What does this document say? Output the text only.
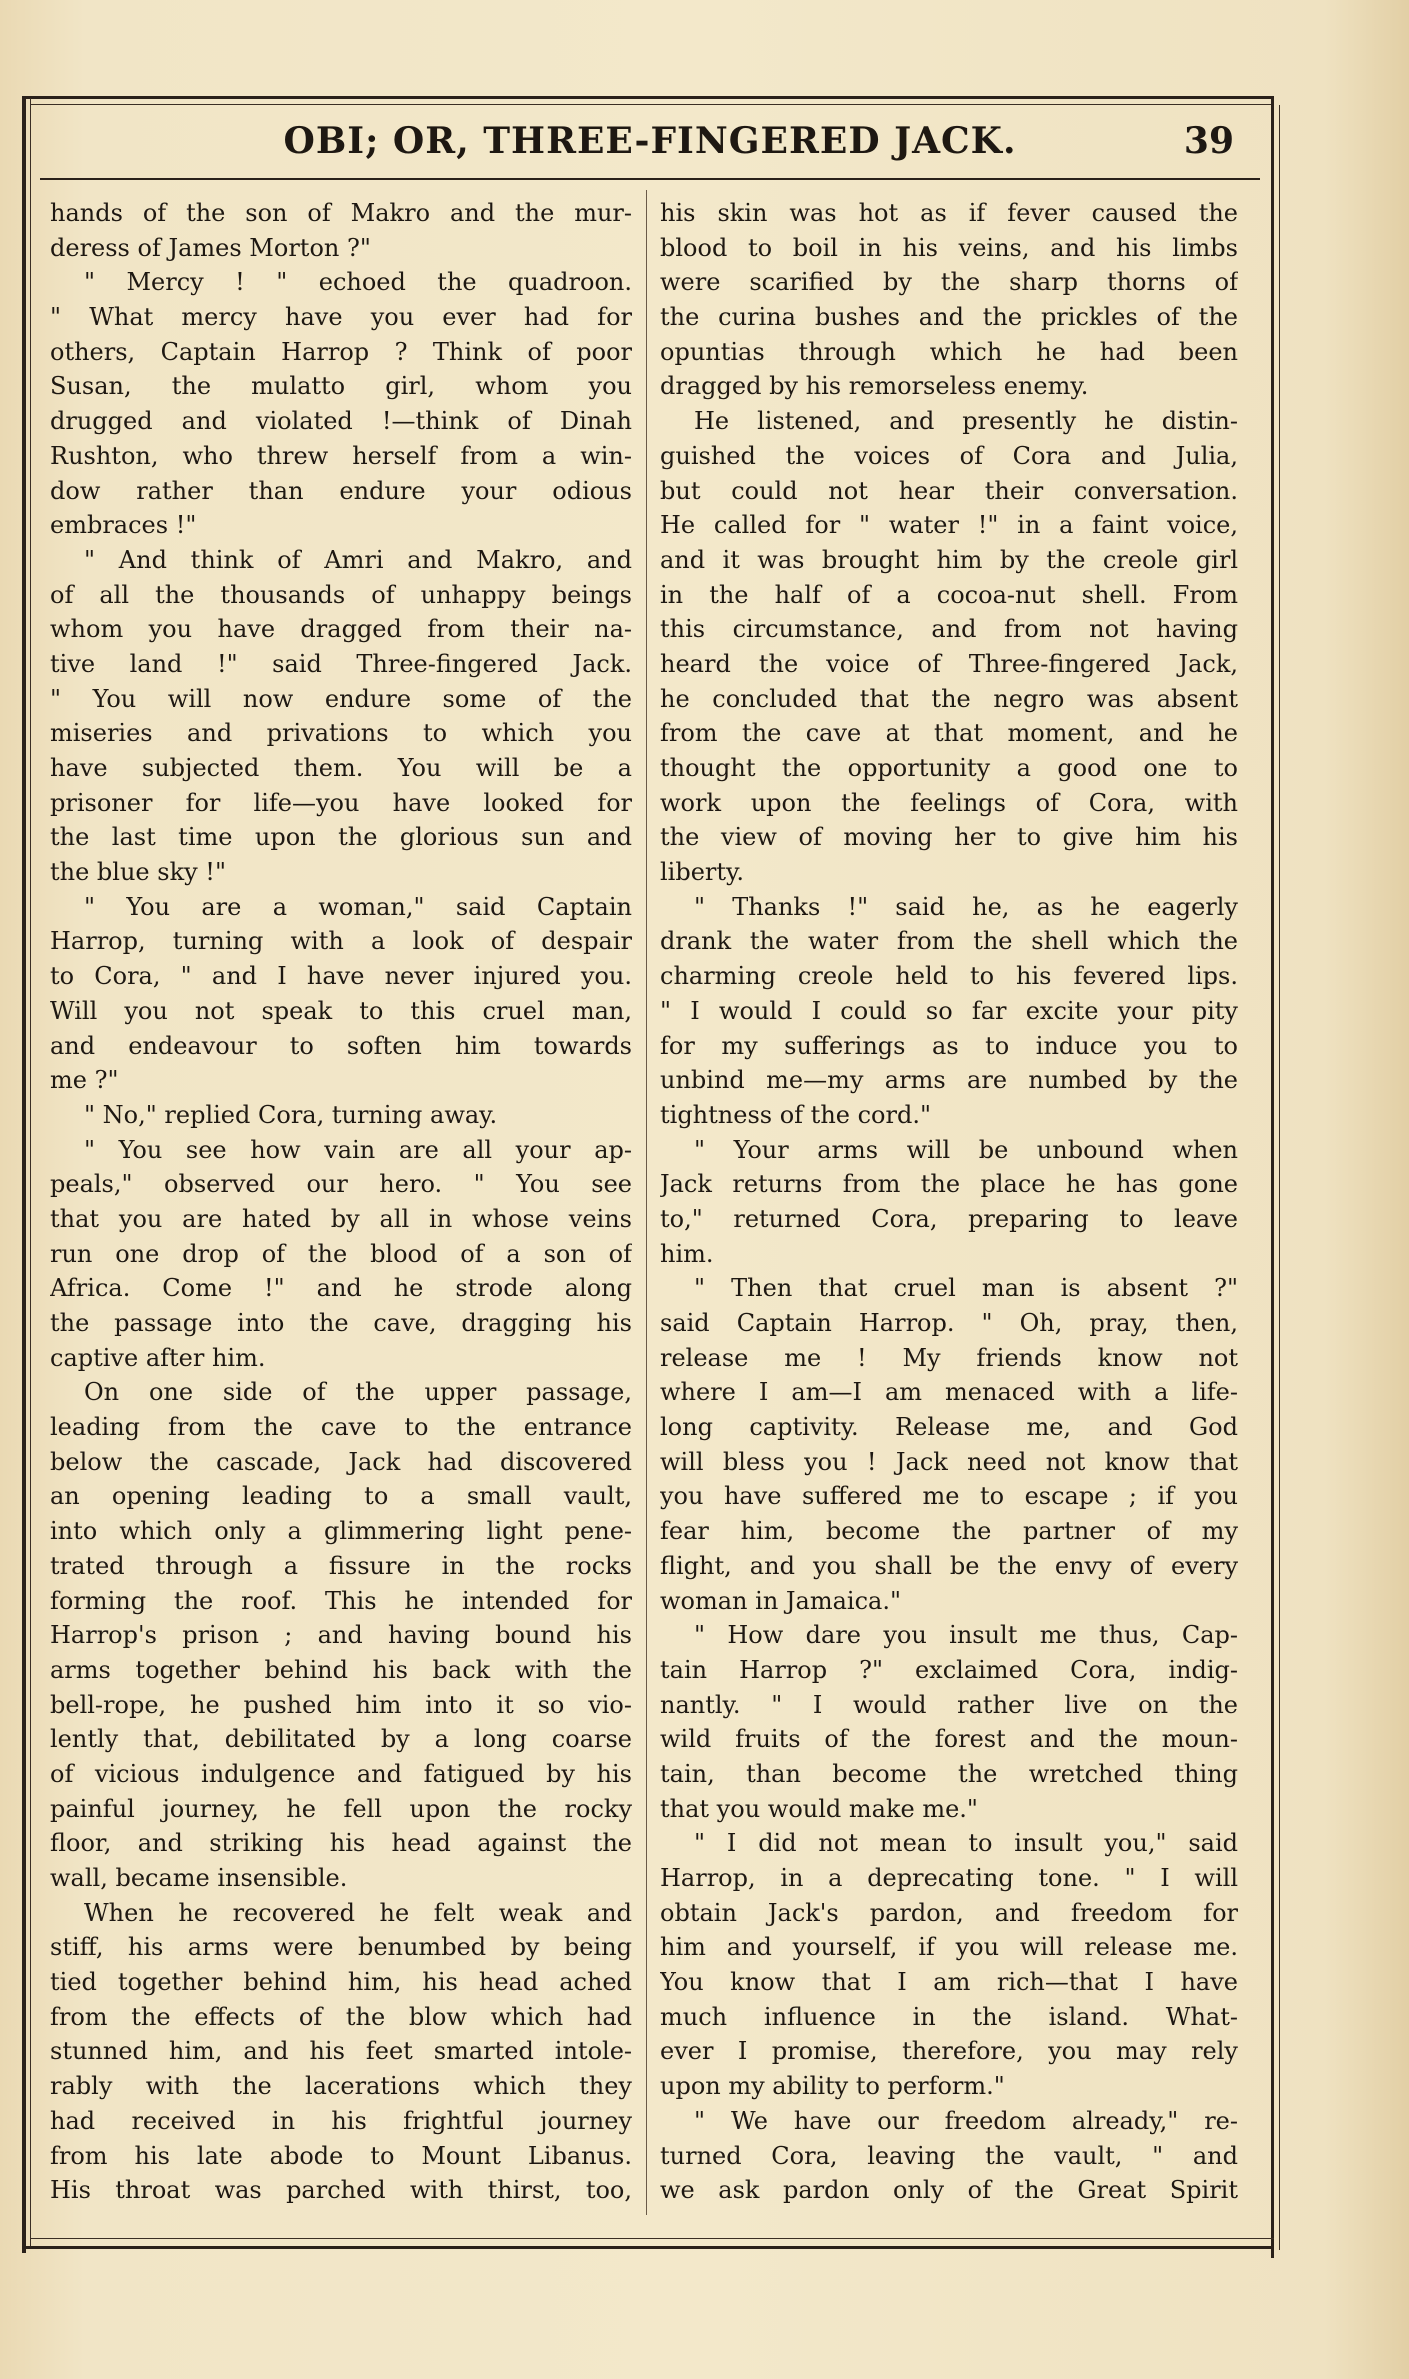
OBI; OR, THREE-FINGERED JACK.	39
hands of the son of Makro and the mur-
deress of James Morton ?"
" Mercy ! " echoed the quadroon.
" What mercy have you ever had for
others, Captain Harrop ? Think of poor
Susan, the mulatto girl, whom you
drugged and violated !—think of Dinah
Rushton, who threw herself from a win-
dow rather than endure your odious
embraces !"
" And think of Amri and Makro, and
of all the thousands of unhappy beings
whom you have dragged from their na-
tive land !" said Three-fingered Jack.
" You will now endure some of the
miseries and privations to which you
have subjected them. You will be a
prisoner for life—you have looked for
the last time upon the glorious sun and
the blue sky !"
" You are a woman," said Captain
Harrop, turning with a look of despair
to Cora, " and I have never injured you.
Will you not speak to this cruel man,
and endeavour to soften him towards
me ?"
" No," replied Cora, turning away.
" You see how vain are all your ap-
peals," observed our hero. " You see
that you are hated by all in whose veins
run one drop of the blood of a son of
Africa. Come !" and he strode along
the passage into the cave, dragging his
captive after him.
On one side of the upper passage,
leading from the cave to the entrance
below the cascade, Jack had discovered
an opening leading to a small vault,
into which only a glimmering light pene-
trated through a fissure in the rocks
forming the roof. This he intended for
Harrop's prison ; and having bound his
arms together behind his back with the
bell-rope, he pushed him into it so vio-
lently that, debilitated by a long coarse
of vicious indulgence and fatigued by his
painful journey, he fell upon the rocky
floor, and striking his head against the
wall, became insensible.
When he recovered he felt weak and
stiff, his arms were benumbed by being
tied together behind him, his head ached
from the effects of the blow which had
stunned him, and his feet smarted intole-
rably with the lacerations which they
had received in his frightful journey
from his late abode to Mount Libanus.
His throat was parched with thirst, too,
his skin was hot as if fever caused the
blood to boil in his veins, and his limbs
were scarified by the sharp thorns of
the curina bushes and the prickles of the
opuntias through which he had been
dragged by his remorseless enemy.
He listened, and presently he distin-
guished the voices of Cora and Julia,
but could not hear their conversation.
He called for " water !" in a faint voice,
and it was brought him by the creole girl
in the half of a cocoa-nut shell. From
this circumstance, and from not having
heard the voice of Three-fingered Jack,
he concluded that the negro was absent
from the cave at that moment, and he
thought the opportunity a good one to
work upon the feelings of Cora, with
the view of moving her to give him his
liberty.
" Thanks !" said he, as he eagerly
drank the water from the shell which the
charming creole held to his fevered lips.
" I would I could so far excite your pity
for my sufferings as to induce you to
unbind me—my arms are numbed by the
tightness of the cord."
" Your arms will be unbound when
Jack returns from the place he has gone
to," returned Cora, preparing to leave
him.
" Then that cruel man is absent ?"
said Captain Harrop. " Oh, pray, then,
release me ! My friends know not
where I am—I am menaced with a life-
long captivity. Release me, and God
will bless you ! Jack need not know that
you have suffered me to escape ; if you
fear him, become the partner of my
flight, and you shall be the envy of every
woman in Jamaica."
" How dare you insult me thus, Cap-
tain Harrop ?" exclaimed Cora, indig-
nantly. " I would rather live on the
wild fruits of the forest and the moun-
tain, than become the wretched thing
that you would make me."
" I did not mean to insult you," said
Harrop, in a deprecating tone. " I will
obtain Jack's pardon, and freedom for
him and yourself, if you will release me.
You know that I am rich—that I have
much influence in the island. What-
ever I promise, therefore, you may rely
upon my ability to perform."
" We have our freedom already," re-
turned Cora, leaving the vault, " and
we ask pardon only of the Great Spirit
